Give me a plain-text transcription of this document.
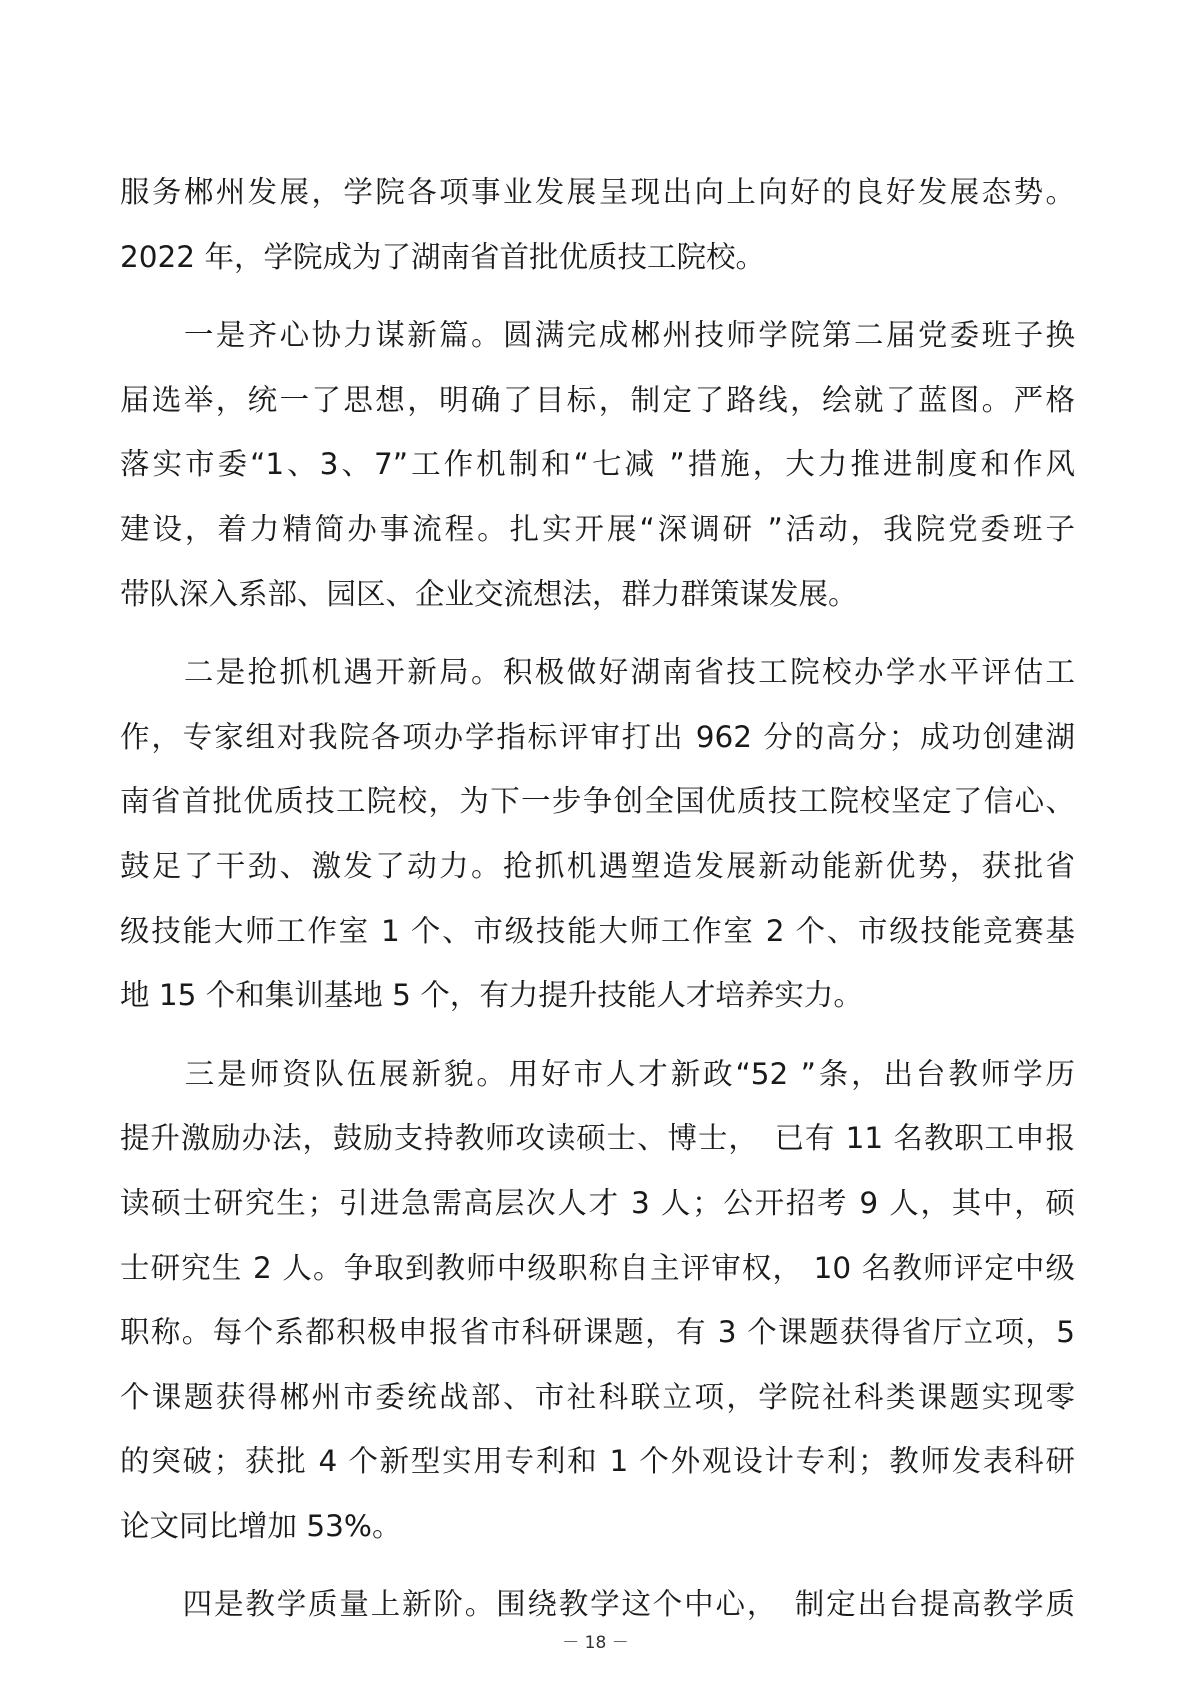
服务郴州发展，学院各项事业发展呈现出向上向好的良好发展态势。
2022 年，学院成为了湖南省首批优质技工院校。
　　一是齐心协力谋新篇。圆满完成郴州技师学院第二届党委班子换
届选举，统一了思想，明确了目标，制定了路线，绘就了蓝图。严格
落实市委“1、3、7”工作机制和“七减 ”措施，大力推进制度和作风
建设，着力精简办事流程。扎实开展“深调研 ”活动，我院党委班子
带队深入系部、园区、企业交流想法，群力群策谋发展。
　　二是抢抓机遇开新局。积极做好湖南省技工院校办学水平评估工
作，专家组对我院各项办学指标评审打出 962 分的高分；成功创建湖
南省首批优质技工院校，为下一步争创全国优质技工院校坚定了信心、
鼓足了干劲、激发了动力。抢抓机遇塑造发展新动能新优势，获批省
级技能大师工作室 1 个、市级技能大师工作室 2 个、市级技能竞赛基
地 15 个和集训基地 5 个，有力提升技能人才培养实力。
　　三是师资队伍展新貌。用好市人才新政“52 ”条，出台教师学历
提升激励办法，鼓励支持教师攻读硕士、博士，　已有 11 名教职工申报
读硕士研究生；引进急需高层次人才 3 人；公开招考 9 人，其中，硕
士研究生 2 人。争取到教师中级职称自主评审权， 10 名教师评定中级
职称。每个系都积极申报省市科研课题，有 3 个课题获得省厅立项，5
个课题获得郴州市委统战部、市社科联立项，学院社科类课题实现零
的突破；获批 4 个新型实用专利和 1 个外观设计专利；教师发表科研
论文同比增加 53%。
　　四是教学质量上新阶。围绕教学这个中心，　制定出台提高教学质
－ 18 －
